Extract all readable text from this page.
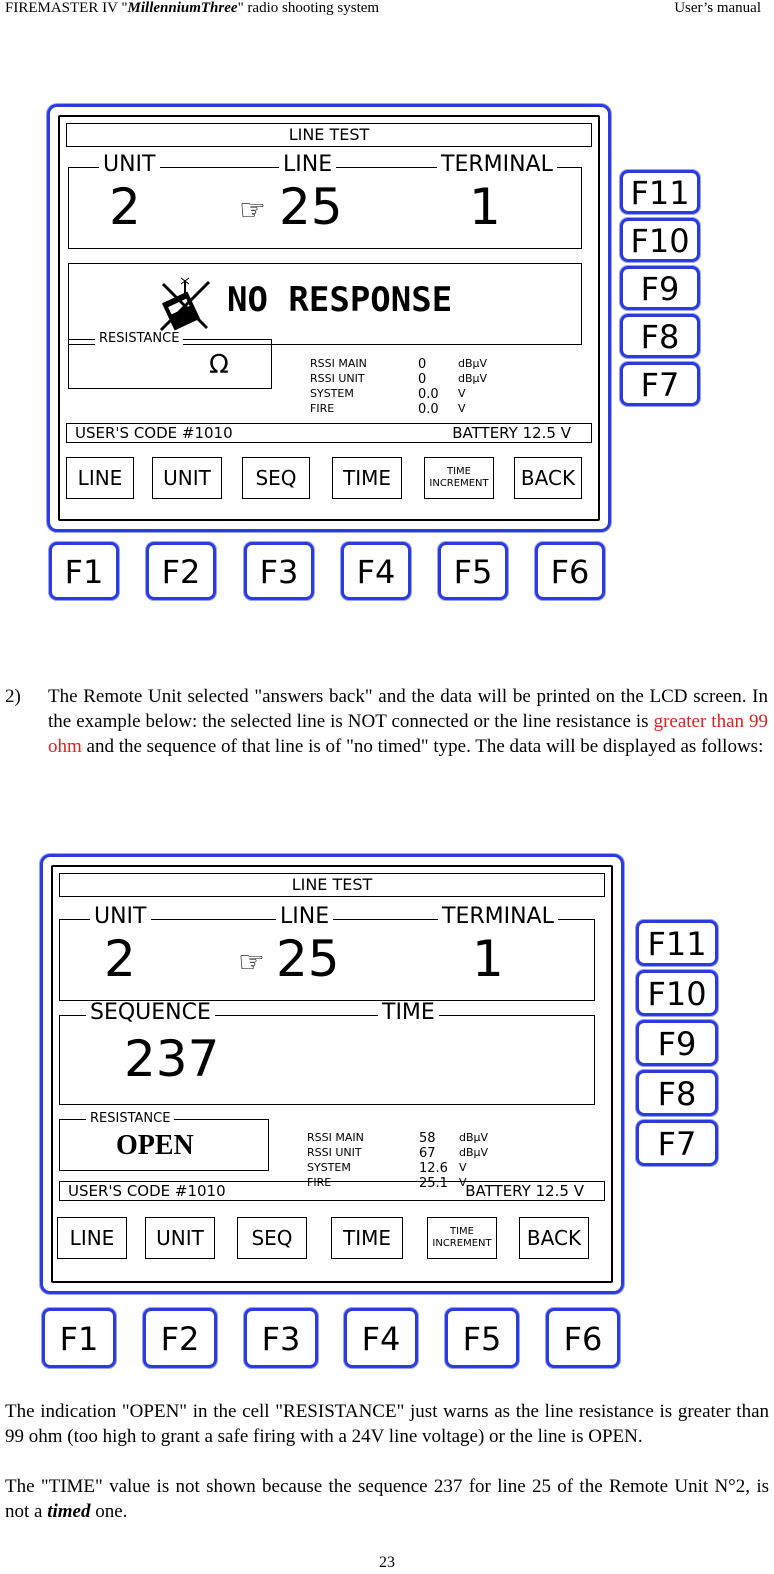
FIREMASTER IV "MillenniumThree" radio shooting system	User’s manual
LINE TEST
UNIT	LINE	TERMINAL
2	☞ 25	1
NO RESPONSE
RESISTANCE
Ω	RSSI MAIN	0	dBμV
RSSI UNIT	0	dBμV
SYSTEM	0.0 V
FIRE	0.0 V
USER'S CODE #1010	BATTERY 12.5 V
LINE	UNIT	SEQ	TIME	TIME INCREMENT	BACK
F11
F10
F9
F8
F7
F1	F2	F3	F4	F5	F6
2)	The Remote Unit selected "answers back" and the data will be printed on the LCD screen. In the example below: the selected line is NOT connected or the line resistance is greater than 99 ohm and the sequence of that line is of "no timed" type. The data will be displayed as follows:
LINE TEST
UNIT	LINE	TERMINAL
2	☞ 25	1
SEQUENCE	TIME
237
RESISTANCE
OPEN	RSSI MAIN	58 dBμV
RSSI UNIT	67 dBμV
SYSTEM	12.6 V
FIRE	25.1 V
USER'S CODE #1010	BATTERY 12.5 V
LINE	UNIT	SEQ	TIME	TIME INCREMENT	BACK
F11
F10
F9
F8
F7
F1	F2	F3	F4	F5	F6
The indication "OPEN" in the cell "RESISTANCE" just warns as the line resistance is greater than 99 ohm (too high to grant a safe firing with a 24V line voltage) or the line is OPEN.
The "TIME" value is not shown because the sequence 237 for line 25 of the Remote Unit N°2, is not a timed one.
23
